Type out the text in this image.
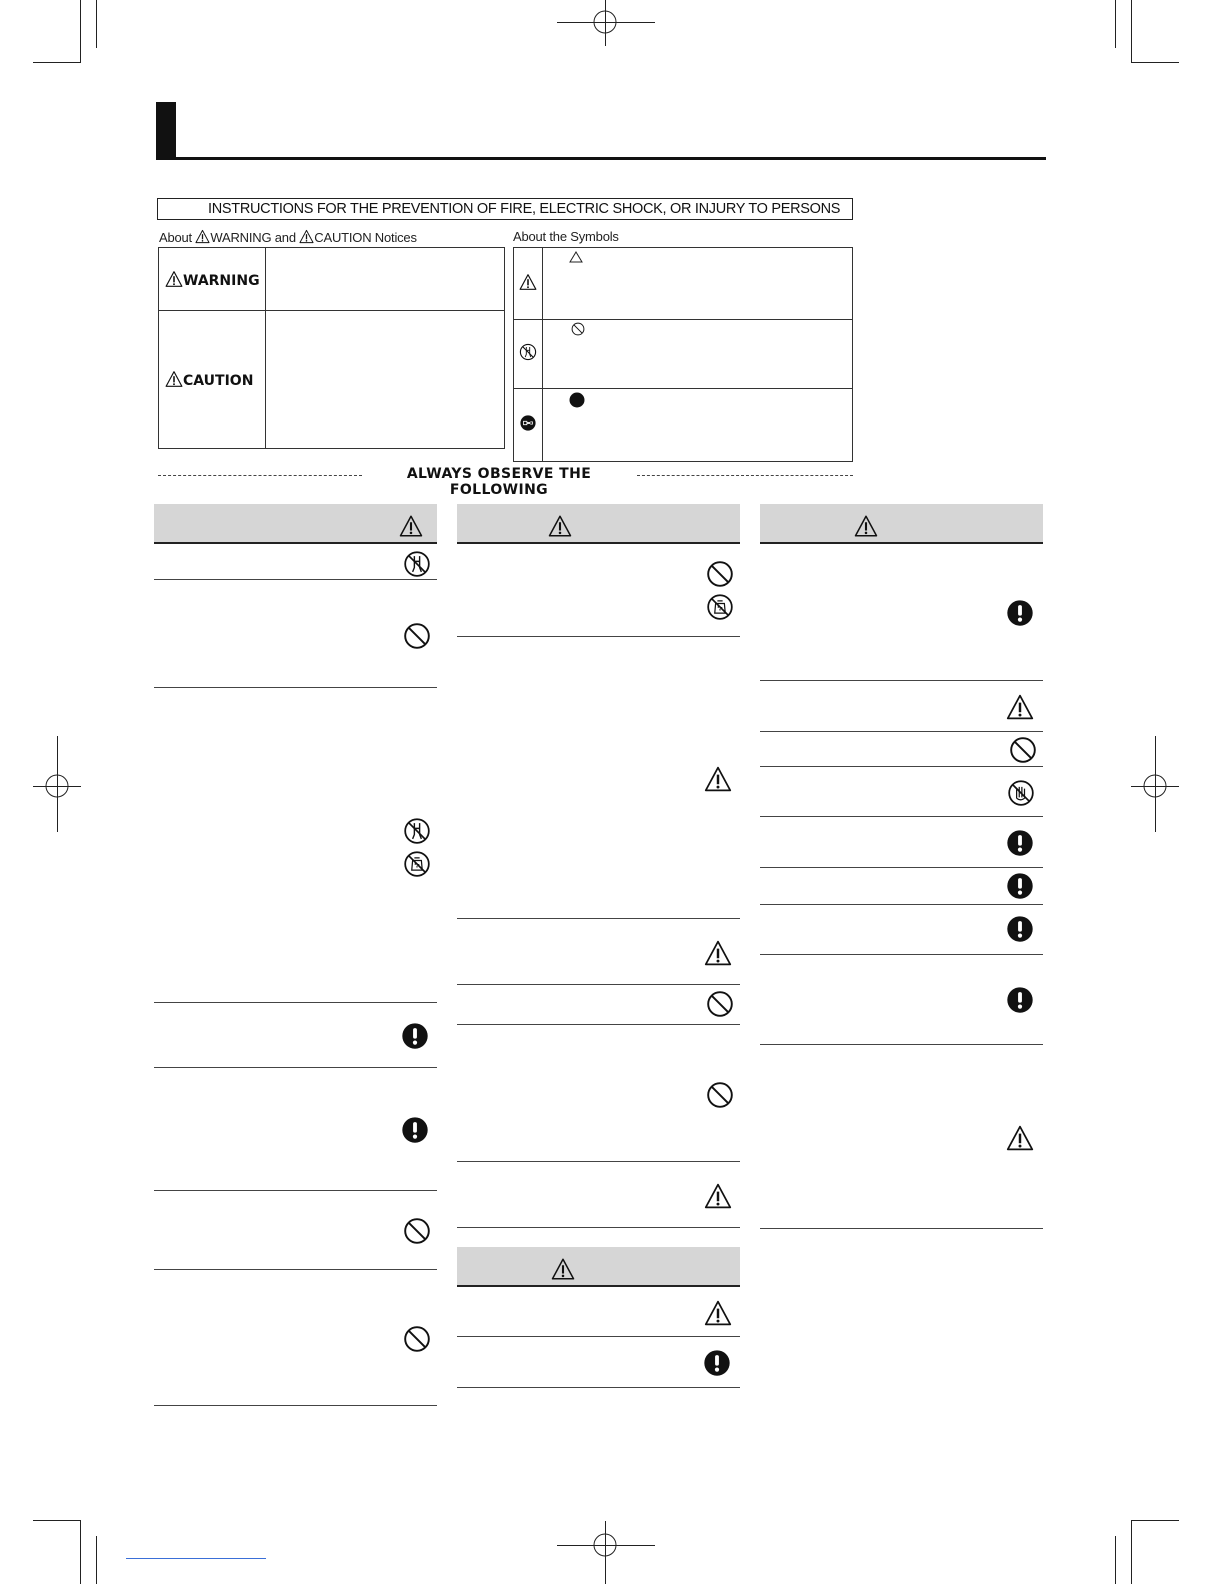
INSTRUCTIONS FOR THE PREVENTION OF FIRE, ELECTRIC SHOCK, OR INJURY TO PERSONS
About WARNING and CAUTION Notices
WARNING	
CAUTION	
About the Symbols

ALWAYS OBSERVE THE FOLLOWING
